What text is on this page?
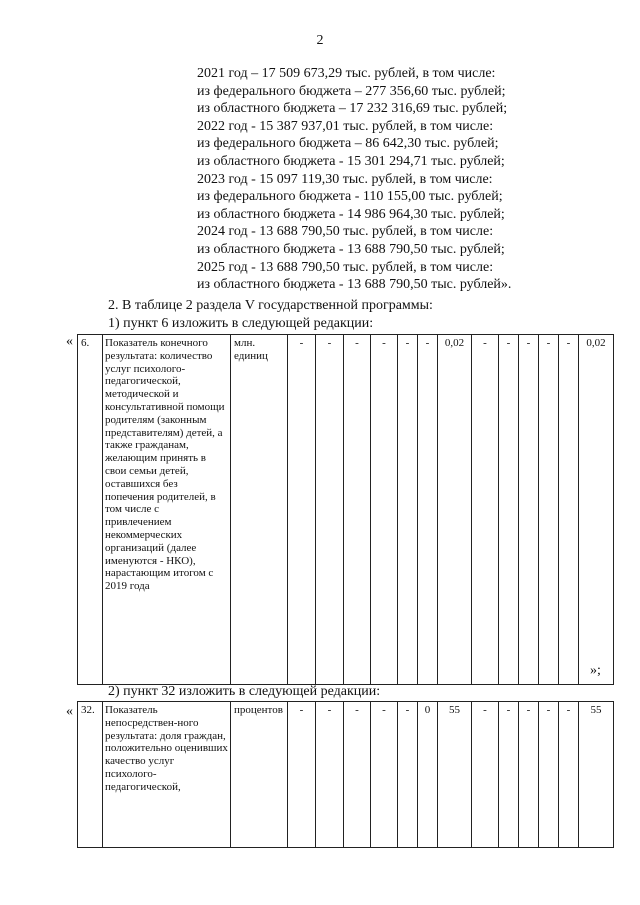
2
2021 год – 17 509 673,29 тыс. рублей, в том числе:
из федерального бюджета – 277 356,60 тыс. рублей;
из областного бюджета – 17 232 316,69 тыс. рублей;
2022 год - 15 387 937,01 тыс. рублей, в том числе:
из федерального бюджета – 86 642,30 тыс. рублей;
из областного бюджета - 15 301 294,71 тыс. рублей;
2023 год - 15 097 119,30 тыс. рублей, в том числе:
из федерального бюджета - 110 155,00 тыс. рублей;
из областного бюджета - 14 986 964,30 тыс. рублей;
2024 год - 13 688 790,50 тыс. рублей, в том числе:
из областного бюджета - 13 688 790,50 тыс. рублей;
2025 год - 13 688 790,50 тыс. рублей, в том числе:
из областного бюджета - 13 688 790,50 тыс. рублей».
2. В таблице 2 раздела V государственной программы:
1) пункт 6 изложить в следующей редакции:
« 6.	Показатель конечного результата: количество услуг психолого-педагогической, методической и консультативной помощи родителям (законным представителям) детей, а также гражданам, желающим принять в свои семьи детей, оставшихся без попечения родителей, в том числе с привлечением некоммерческих организаций (далее именуются - НКО), нарастающим итогом с 2019 года	млн. единиц	-	-	-	-	-	-	0,02	-	-	-	-	-	0,02
»;
2) пункт 32 изложить в следующей редакции:
« 32.	Показатель непосредствен-ного результата: доля граждан, положительно оценивших качество услуг психолого-педагогической,	процентов	-	-	-	-	-	0	55	-	-	-	-	-	55
